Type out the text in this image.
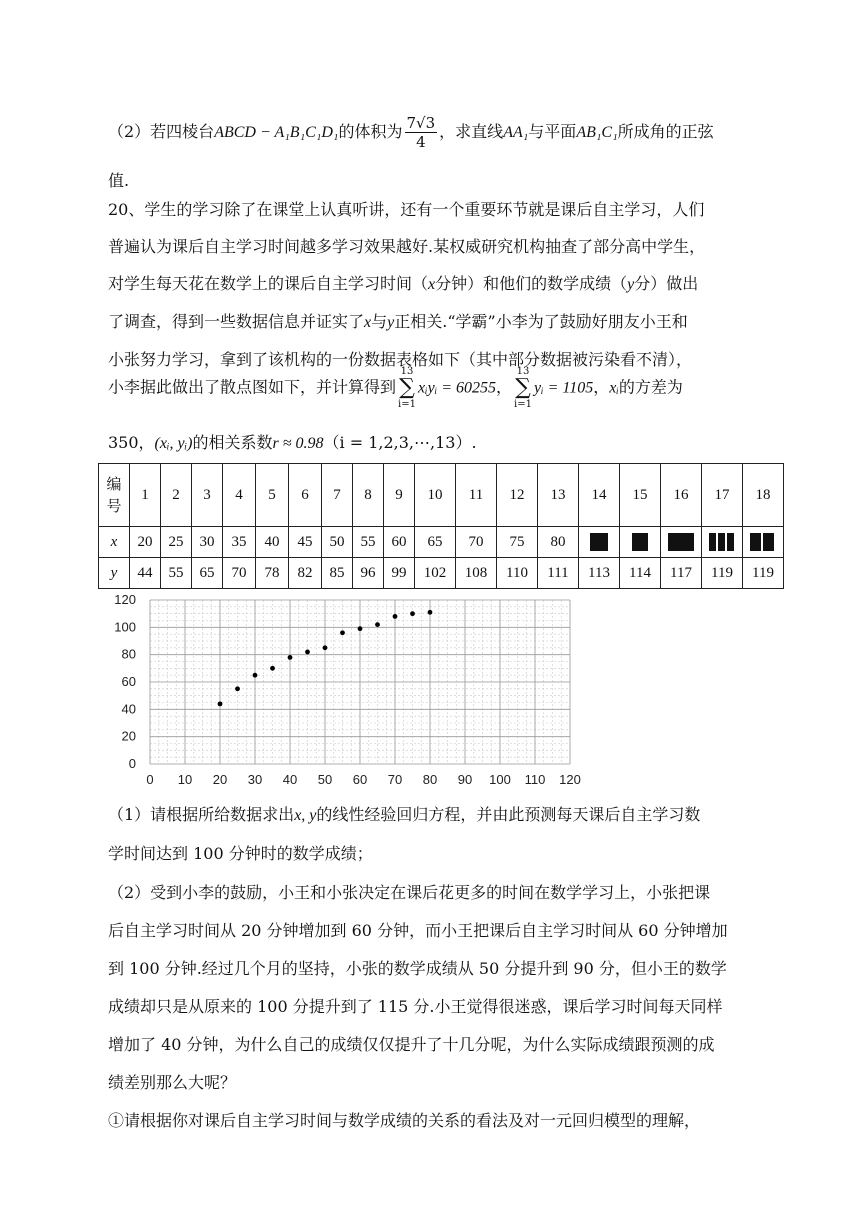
（2）若四棱台ABCD − A₁B₁C₁D₁的体积为 $\frac{7√3}{4}$ ，求直线AA₁与平面AB₁C₁所成角的正弦

值.

20、学生的学习除了在课堂上认真听讲，还有一个重要环节就是课后自主学习，人们
普遍认为课后自主学习时间越多学习效果越好.某权威研究机构抽查了部分高中学生，
对学生每天花在数学上的课后自主学习时间（x分钟）和他们的数学成绩（y分）做出
了调查，得到一些数据信息并证实了x与y正相关.“学霸”小李为了鼓励好朋友小王和
小张努力学习，拿到了该机构的一份数据表格如下（其中部分数据被污染看不清），

小李据此做出了散点图如下，并计算得到13
∑
i=1xᵢyᵢ = 60255，13
∑
i=1yᵢ = 1105，xᵢ的方差为

350，(xᵢ, yᵢ)的相关系数r ≈ 0.98（i = 1,2,3,⋯,13）.

编
号	1	2	3	4	5	6	7	8	9	10	11	12	13	14	15	16	17	18
x	20	25	30	35	40	45	50	55	60	65	70	75	80					
y	44	55	65	70	78	82	85	96	99	102	108	110	111	113	114	117	119	119
0 10 20 30 40 50 60 70 80 90 100 110 120
0
20
40
60
80
100
120

（1）请根据所给数据求出x, y的线性经验回归方程，并由此预测每天课后自主学习数
学时间达到 100 分钟时的数学成绩；

（2）受到小李的鼓励，小王和小张决定在课后花更多的时间在数学学习上，小张把课
后自主学习时间从 20 分钟增加到 60 分钟，而小王把课后自主学习时间从 60 分钟增加
到 100 分钟.经过几个月的坚持，小张的数学成绩从 50 分提升到 90 分，但小王的数学
成绩却只是从原来的 100 分提升到了 115 分.小王觉得很迷惑，课后学习时间每天同样
增加了 40 分钟，为什么自己的成绩仅仅提升了十几分呢，为什么实际成绩跟预测的成
绩差别那么大呢？
①请根据你对课后自主学习时间与数学成绩的关系的看法及对一元回归模型的理解，
